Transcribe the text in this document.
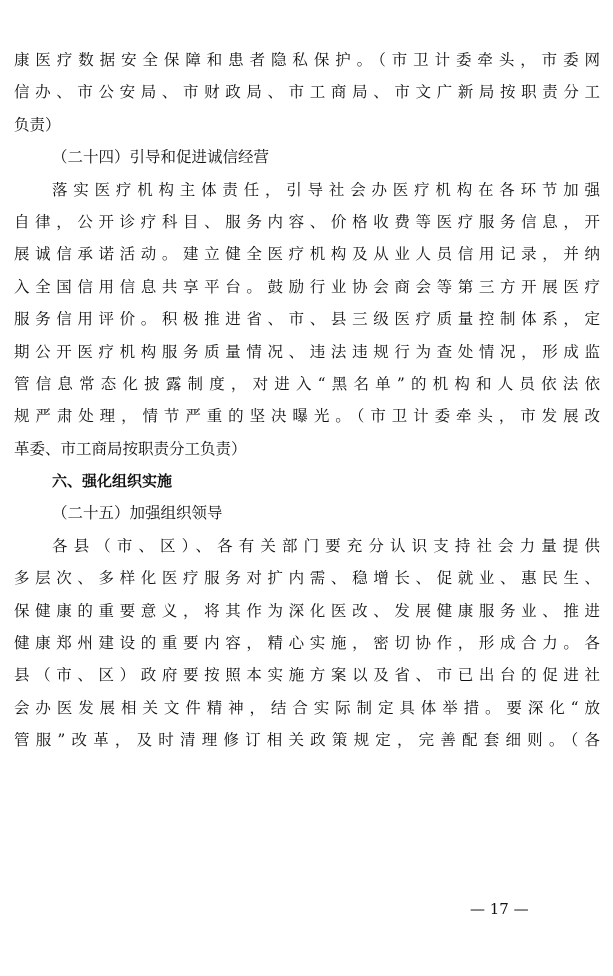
康医疗数据安全保障和患者隐私保护。（市卫计委牵头，市委网
信办、市公安局、市财政局、市工商局、市文广新局按职责分工
负责）
（二十四）引导和促进诚信经营
落实医疗机构主体责任，引导社会办医疗机构在各环节加强
自律，公开诊疗科目、服务内容、价格收费等医疗服务信息，开
展诚信承诺活动。建立健全医疗机构及从业人员信用记录，并纳
入全国信用信息共享平台。鼓励行业协会商会等第三方开展医疗
服务信用评价。积极推进省、市、县三级医疗质量控制体系，定
期公开医疗机构服务质量情况、违法违规行为查处情况，形成监
管信息常态化披露制度，对进入“黑名单”的机构和人员依法依
规严肃处理，情节严重的坚决曝光。（市卫计委牵头，市发展改
革委、市工商局按职责分工负责）
六、强化组织实施
（二十五）加强组织领导
各县（市、区）、各有关部门要充分认识支持社会力量提供
多层次、多样化医疗服务对扩内需、稳增长、促就业、惠民生、
保健康的重要意义，将其作为深化医改、发展健康服务业、推进
健康郑州建设的重要内容，精心实施，密切协作，形成合力。各
县（市、区）政府要按照本实施方案以及省、市已出台的促进社
会办医发展相关文件精神，结合实际制定具体举措。要深化“放
管服”改革，及时清理修订相关政策规定，完善配套细则。（各
— 17 —
